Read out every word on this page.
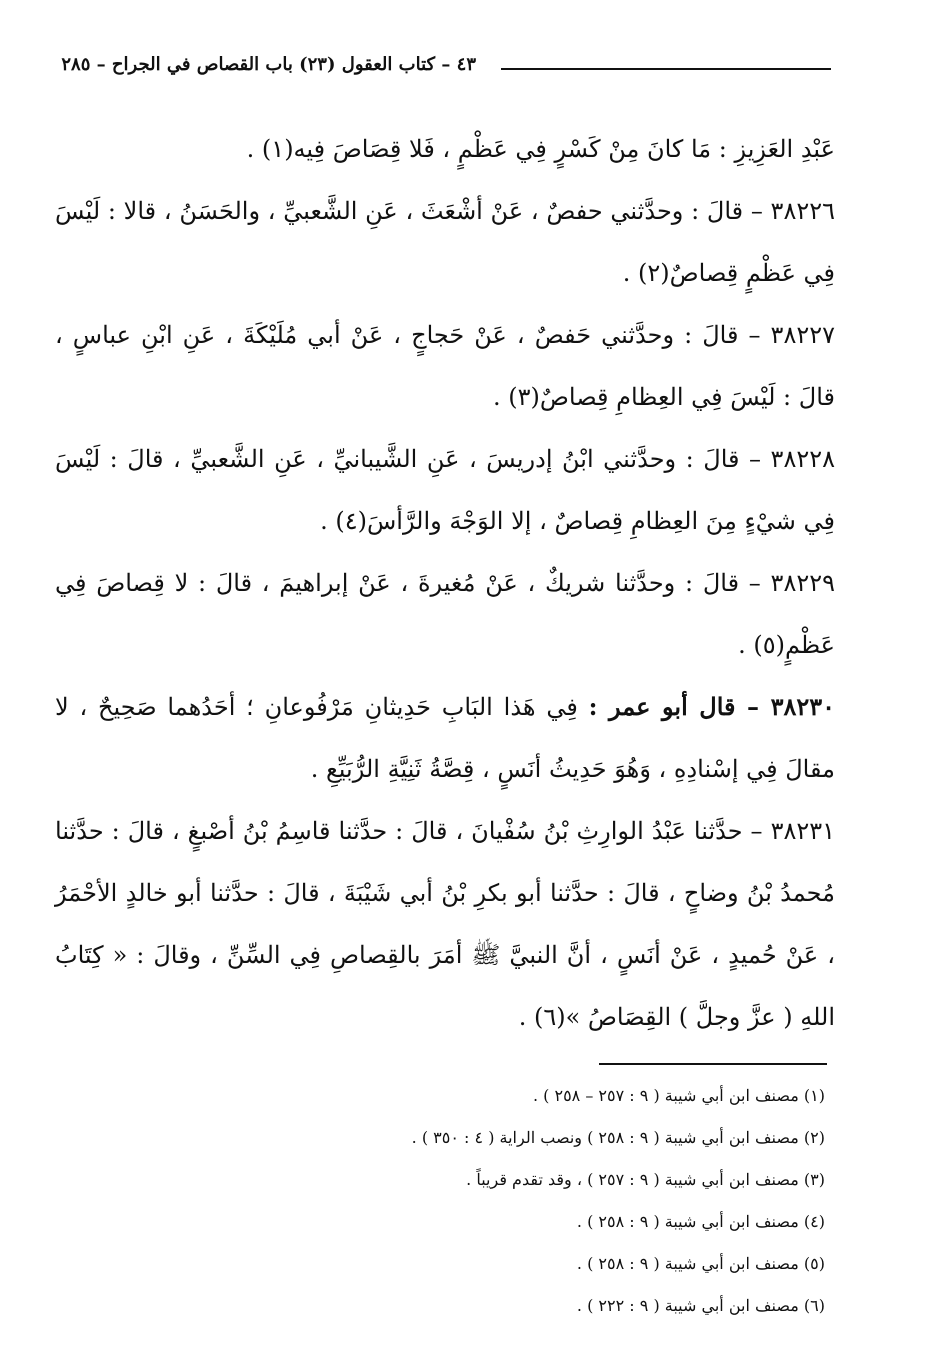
٤٣ – كتاب العقول (٢٣) باب القصاص في الجراح – ٢٨٥

عَبْدِ العَزِيزِ : مَا كانَ مِنْ كَسْرٍ فِي عَظْمٍ ، فَلا قِصَاصَ فِيه(١) .

٣٨٢٢٦ – قالَ : وحدَّثني حفصٌ ، عَنْ أشْعَثَ ، عَنِ الشَّعبيِّ ، والحَسَنُ ، قالا : لَيْسَ فِي عَظْمٍ قِصاصٌ(٢) .

٣٨٢٢٧ – قالَ : وحدَّثني حَفصٌ ، عَنْ حَجاجٍ ، عَنْ أبي مُلَيْكَةَ ، عَنِ ابْنِ عباسٍ ، قالَ : لَيْسَ فِي العِظامِ قِصاصٌ(٣) .

٣٨٢٢٨ – قالَ : وحدَّثني ابْنُ إدريسَ ، عَنِ الشَّيبانيِّ ، عَنِ الشَّعبيِّ ، قالَ : لَيْسَ فِي شيْءٍ مِنَ العِظامِ قِصاصٌ ، إلا الوَجْهَ والرَّأسَ(٤) .

٣٨٢٢٩ – قالَ : وحدَّثنا شريكٌ ، عَنْ مُغيرةَ ، عَنْ إبراهيمَ ، قالَ : لا قِصاصَ فِي عَظْمٍ(٥) .

٣٨٢٣٠ – قال أبو عمر : فِي هَذا البَابِ حَدِيثانِ مَرْفُوعانِ ؛ أحَدُهما صَحِيحٌ ، لا مقالَ فِي إسْنادِهِ ، وَهُوَ حَدِيثُ أنَسٍ ، قِصَّةُ ثَنِيَّةِ الرُّبَيِّعِ .

٣٨٢٣١ – حدَّثنا عَبْدُ الوارِثِ بْنُ سُفْيانَ ، قالَ : حدَّثنا قاسِمُ بْنُ أصْبغٍ ، قالَ : حدَّثنا مُحمدُ بْنُ وضاحٍ ، قالَ : حدَّثنا أبو بكرِ بْنُ أبي شَيْبَةَ ، قالَ : حدَّثنا أبو خالدٍ الأحْمَرُ ، عَنْ حُميدٍ ، عَنْ أنَسٍ ، أنَّ النبيَّ ﷺ أمَرَ بالقِصاصِ فِي السِّنِّ ، وقالَ : « كِتَابُ اللهِ ( عزَّ وجلَّ ) القِصَاصُ »(٦) .

(١) مصنف ابن أبي شيبة ( ٩ : ٢٥٧ – ٢٥٨ ) .

(٢) مصنف ابن أبي شيبة ( ٩ : ٢٥٨ ) ونصب الراية ( ٤ : ٣٥٠ ) .

(٣) مصنف ابن أبي شيبة ( ٩ : ٢٥٧ ) ، وقد تقدم قريباً .

(٤) مصنف ابن أبي شيبة ( ٩ : ٢٥٨ ) .

(٥) مصنف ابن أبي شيبة ( ٩ : ٢٥٨ ) .

(٦) مصنف ابن أبي شيبة ( ٩ : ٢٢٢ ) .
